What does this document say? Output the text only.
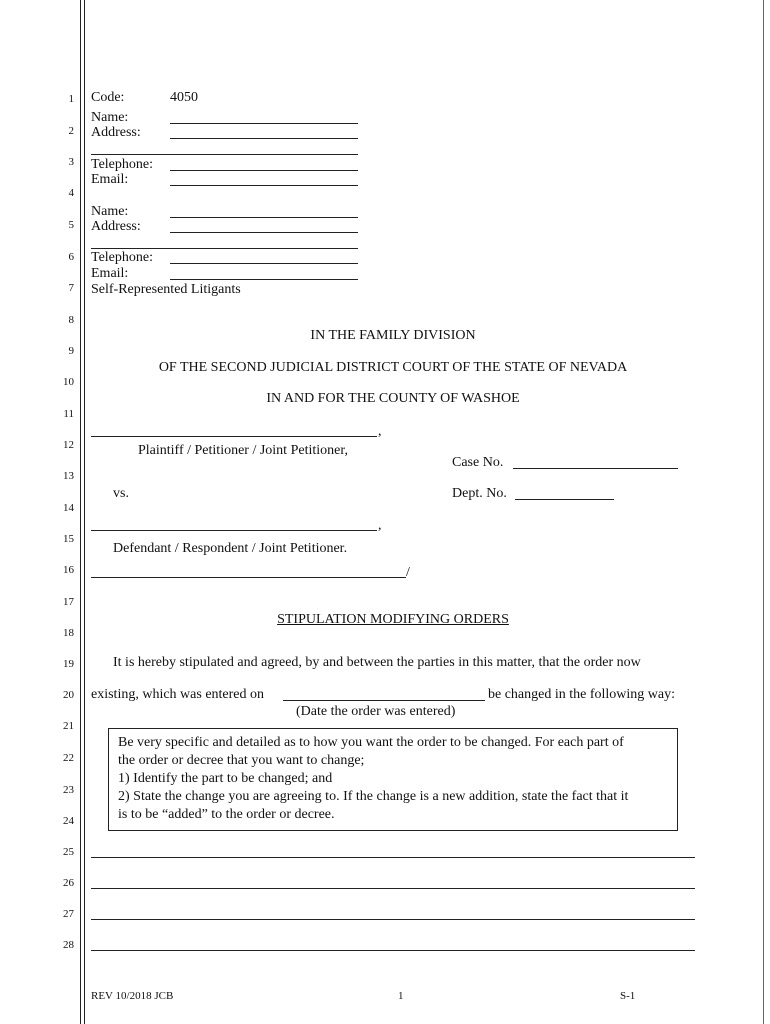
1
2
3
4
5
6
7
8
9
10
11
12
13
14
15
16
17
18
19
20
21
22
23
24
25
26
27
28
Code:	4050
Name:
Address:
Telephone:
Email:
Name:
Address:
Telephone:
Email:
Self-Represented Litigants
IN THE FAMILY DIVISION
OF THE SECOND JUDICIAL DISTRICT COURT OF THE STATE OF NEVADA
IN AND FOR THE COUNTY OF WASHOE
,
Plaintiff / Petitioner / Joint Petitioner,
Case No.
vs.	Dept. No.
,
Defendant / Respondent / Joint Petitioner.
/
STIPULATION MODIFYING ORDERS
It is hereby stipulated and agreed, by and between the parties in this matter, that the order now
existing, which was entered on	be changed in the following way:
(Date the order was entered)
Be very specific and detailed as to how you want the order to be changed. For each part of
the order or decree that you want to change;
1) Identify the part to be changed; and
2) State the change you are agreeing to. If the change is a new addition, state the fact that it
is to be “added” to the order or decree.
REV 10/2018 JCB	1	S-1
